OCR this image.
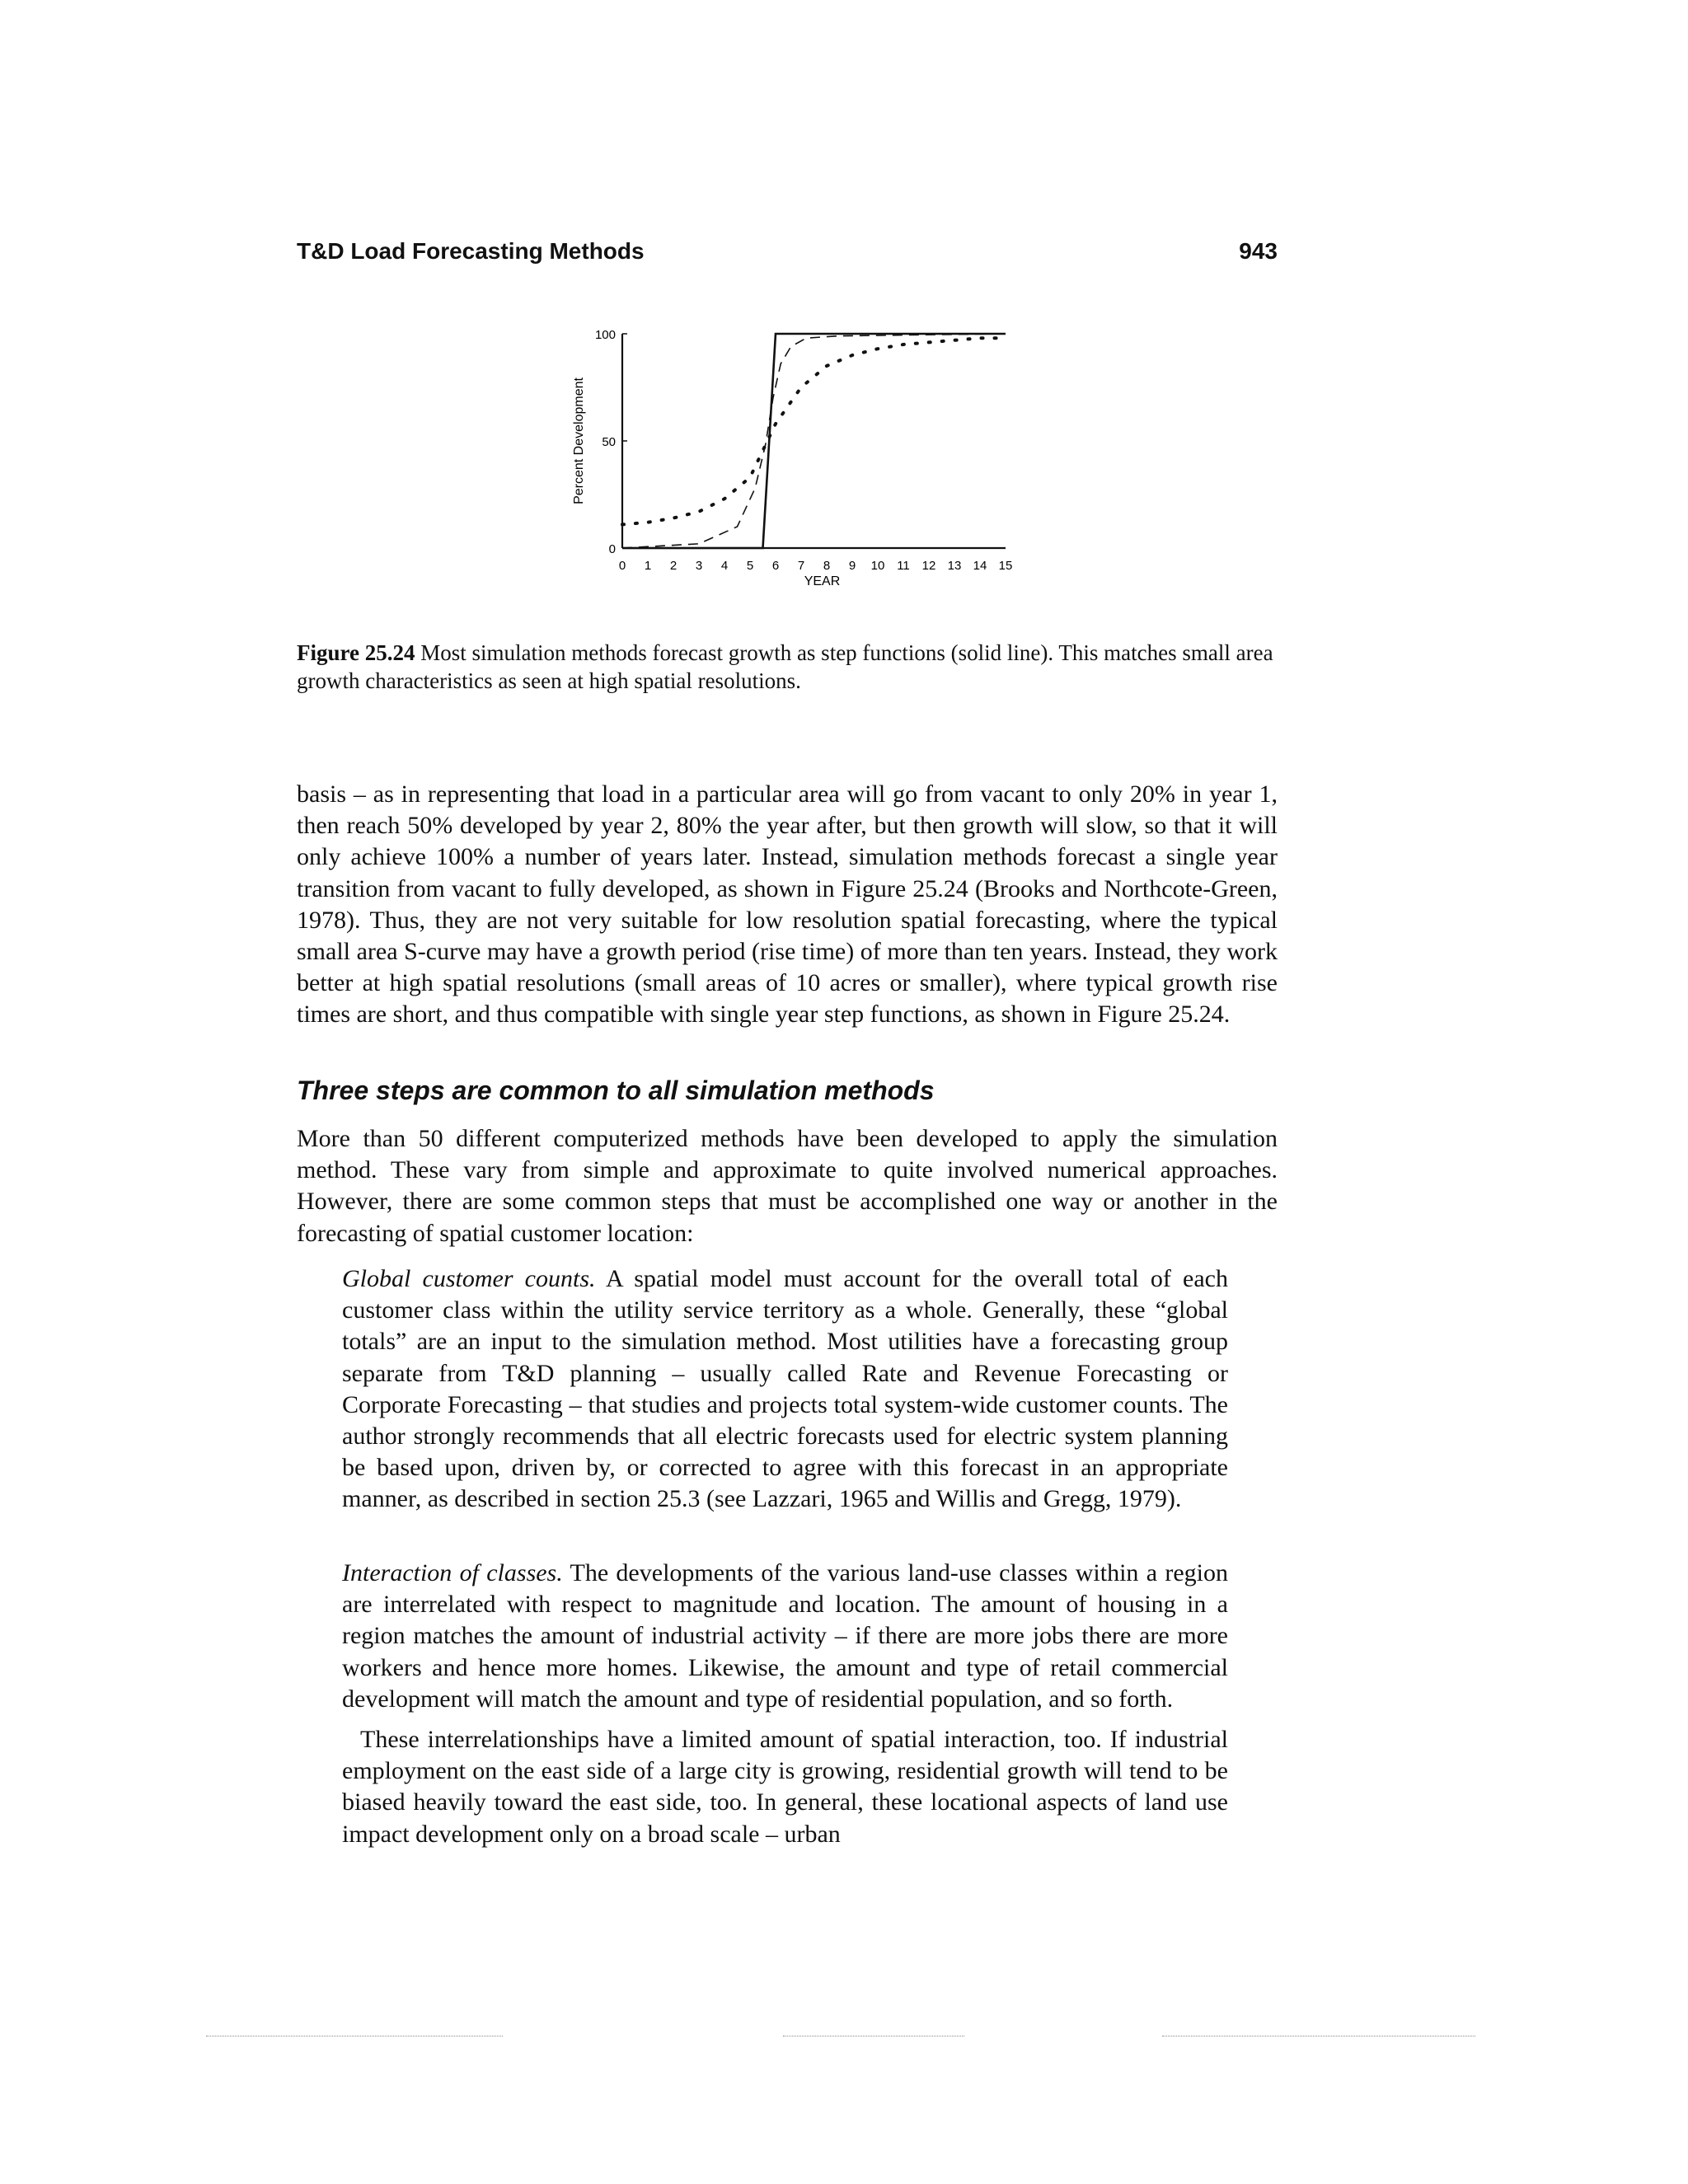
T&D Load Forecasting Methods	943
0
50
100
0 1 2 3 4 5 6 7 8 9 10 11 12 13 14 15
YEAR
Percent Development
Figure 25.24 Most simulation methods forecast growth as step functions (solid line). This matches small area growth characteristics as seen at high spatial resolutions.

basis – as in representing that load in a particular area will go from vacant to only 20% in year 1, then reach 50% developed by year 2, 80% the year after, but then growth will slow, so that it will only achieve 100% a number of years later. Instead, simulation methods forecast a single year transition from vacant to fully developed, as shown in Figure 25.24 (Brooks and Northcote-Green, 1978). Thus, they are not very suitable for low resolution spatial forecasting, where the typical small area S-curve may have a growth period (rise time) of more than ten years. Instead, they work better at high spatial resolutions (small areas of 10 acres or smaller), where typical growth rise times are short, and thus compatible with single year step functions, as shown in Figure 25.24.

Three steps are common to all simulation methods

More than 50 different computerized methods have been developed to apply the simulation method. These vary from simple and approximate to quite involved numerical approaches. However, there are some common steps that must be accomplished one way or another in the forecasting of spatial customer location:

Global customer counts. A spatial model must account for the overall total of each customer class within the utility service territory as a whole. Generally, these “global totals” are an input to the simulation method. Most utilities have a forecasting group separate from T&D planning – usually called Rate and Revenue Forecasting or Corporate Forecasting – that studies and projects total system-wide customer counts. The author strongly recommends that all electric forecasts used for electric system planning be based upon, driven by, or corrected to agree with this forecast in an appropriate manner, as described in section 25.3 (see Lazzari, 1965 and Willis and Gregg, 1979).

Interaction of classes. The developments of the various land-use classes within a region are interrelated with respect to magnitude and location. The amount of housing in a region matches the amount of industrial activity – if there are more jobs there are more workers and hence more homes. Likewise, the amount and type of retail commercial development will match the amount and type of residential population, and so forth.

These interrelationships have a limited amount of spatial interaction, too. If industrial employment on the east side of a large city is growing, residential growth will tend to be biased heavily toward the east side, too. In general, these locational aspects of land use impact development only on a broad scale – urban
